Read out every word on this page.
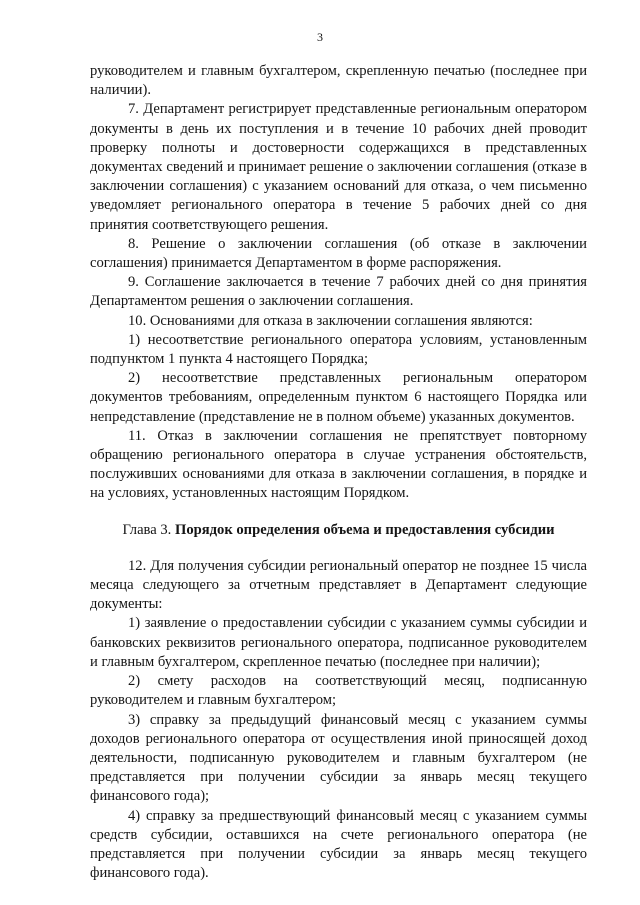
3

руководителем и главным бухгалтером, скрепленную печатью (последнее при наличии).

7. Департамент регистрирует представленные региональным оператором документы в день их поступления и в течение 10 рабочих дней проводит проверку полноты и достоверности содержащихся в представленных документах сведений и принимает решение о заключении соглашения (отказе в заключении соглашения) с указанием оснований для отказа, о чем письменно уведомляет регионального оператора в течение 5 рабочих дней со дня принятия соответствующего решения.

8. Решение о заключении соглашения (об отказе в заключении соглашения) принимается Департаментом в форме распоряжения.

9. Соглашение заключается в течение 7 рабочих дней со дня принятия Департаментом решения о заключении соглашения.

10. Основаниями для отказа в заключении соглашения являются:

1) несоответствие регионального оператора условиям, установленным подпунктом 1 пункта 4 настоящего Порядка;

2) несоответствие представленных региональным оператором документов требованиям, определенным пунктом 6 настоящего Порядка или непредставление (представление не в полном объеме) указанных документов.

11. Отказ в заключении соглашения не препятствует повторному обращению регионального оператора в случае устранения обстоятельств, послуживших основаниями для отказа в заключении соглашения, в порядке и на условиях, установленных настоящим Порядком.

Глава 3. Порядок определения объема и предоставления субсидии

12. Для получения субсидии региональный оператор не позднее 15 числа месяца следующего за отчетным представляет в Департамент следующие документы:

1) заявление о предоставлении субсидии с указанием суммы субсидии и банковских реквизитов регионального оператора, подписанное руководителем и главным бухгалтером, скрепленное печатью (последнее при наличии);

2) смету расходов на соответствующий месяц, подписанную руководителем и главным бухгалтером;

3) справку за предыдущий финансовый месяц с указанием суммы доходов регионального оператора от осуществления иной приносящей доход деятельности, подписанную руководителем и главным бухгалтером (не представляется при получении субсидии за январь месяц текущего финансового года);

4) справку за предшествующий финансовый месяц с указанием суммы средств субсидии, оставшихся на счете регионального оператора (не представляется при получении субсидии за январь месяц текущего финансового года).
